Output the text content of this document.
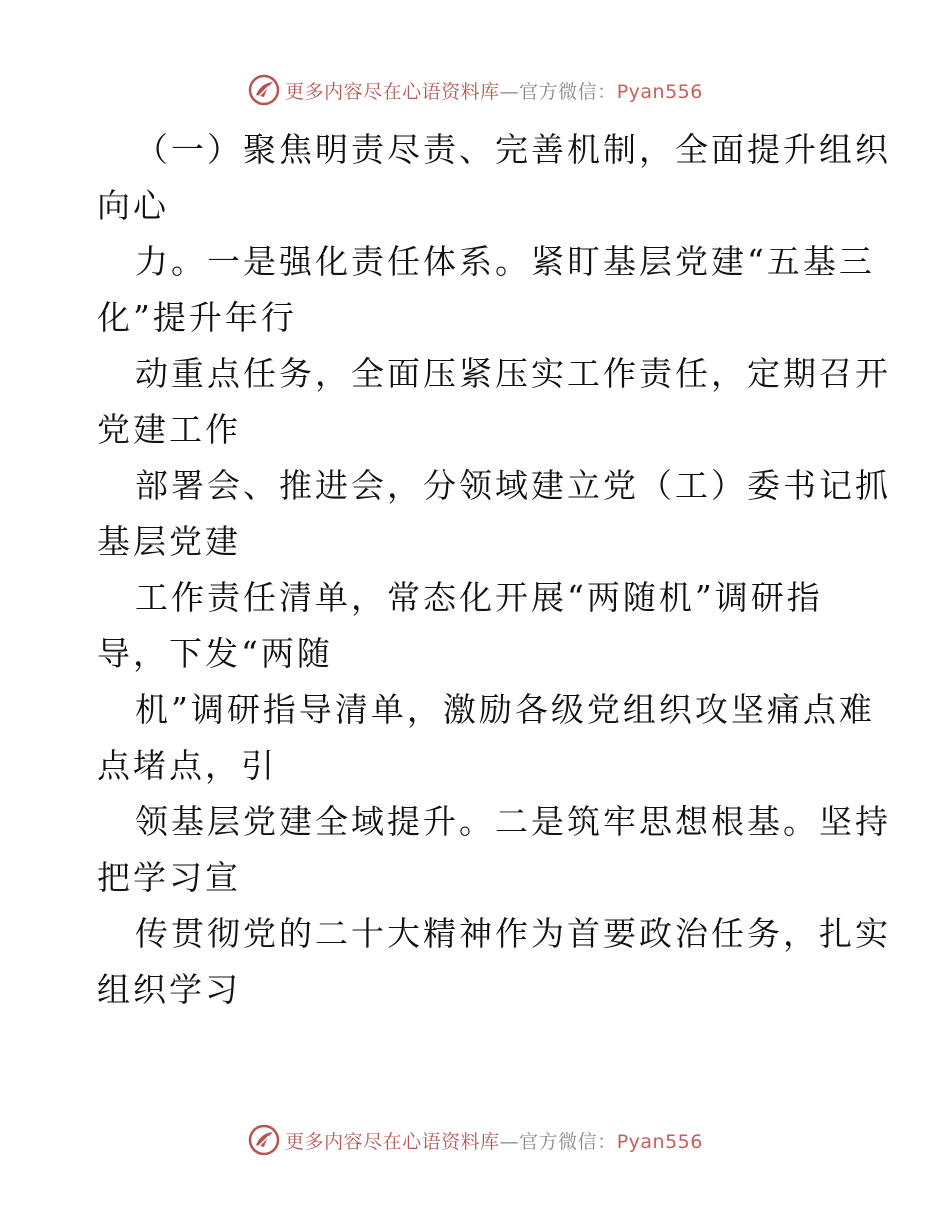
更多内容尽在心语资料库—官方微信：Pyan556
（一）聚焦明责尽责、完善机制，全面提升组织
向心
力。一是强化责任体系。紧盯基层党建“五基三
化”提升年行
动重点任务，全面压紧压实工作责任，定期召开
党建工作
部署会、推进会，分领域建立党（工）委书记抓
基层党建
工作责任清单，常态化开展“两随机”调研指
导，下发“两随
机”调研指导清单，激励各级党组织攻坚痛点难
点堵点，引
领基层党建全域提升。二是筑牢思想根基。坚持
把学习宣
传贯彻党的二十大精神作为首要政治任务，扎实
组织学习
更多内容尽在心语资料库—官方微信：Pyan556
